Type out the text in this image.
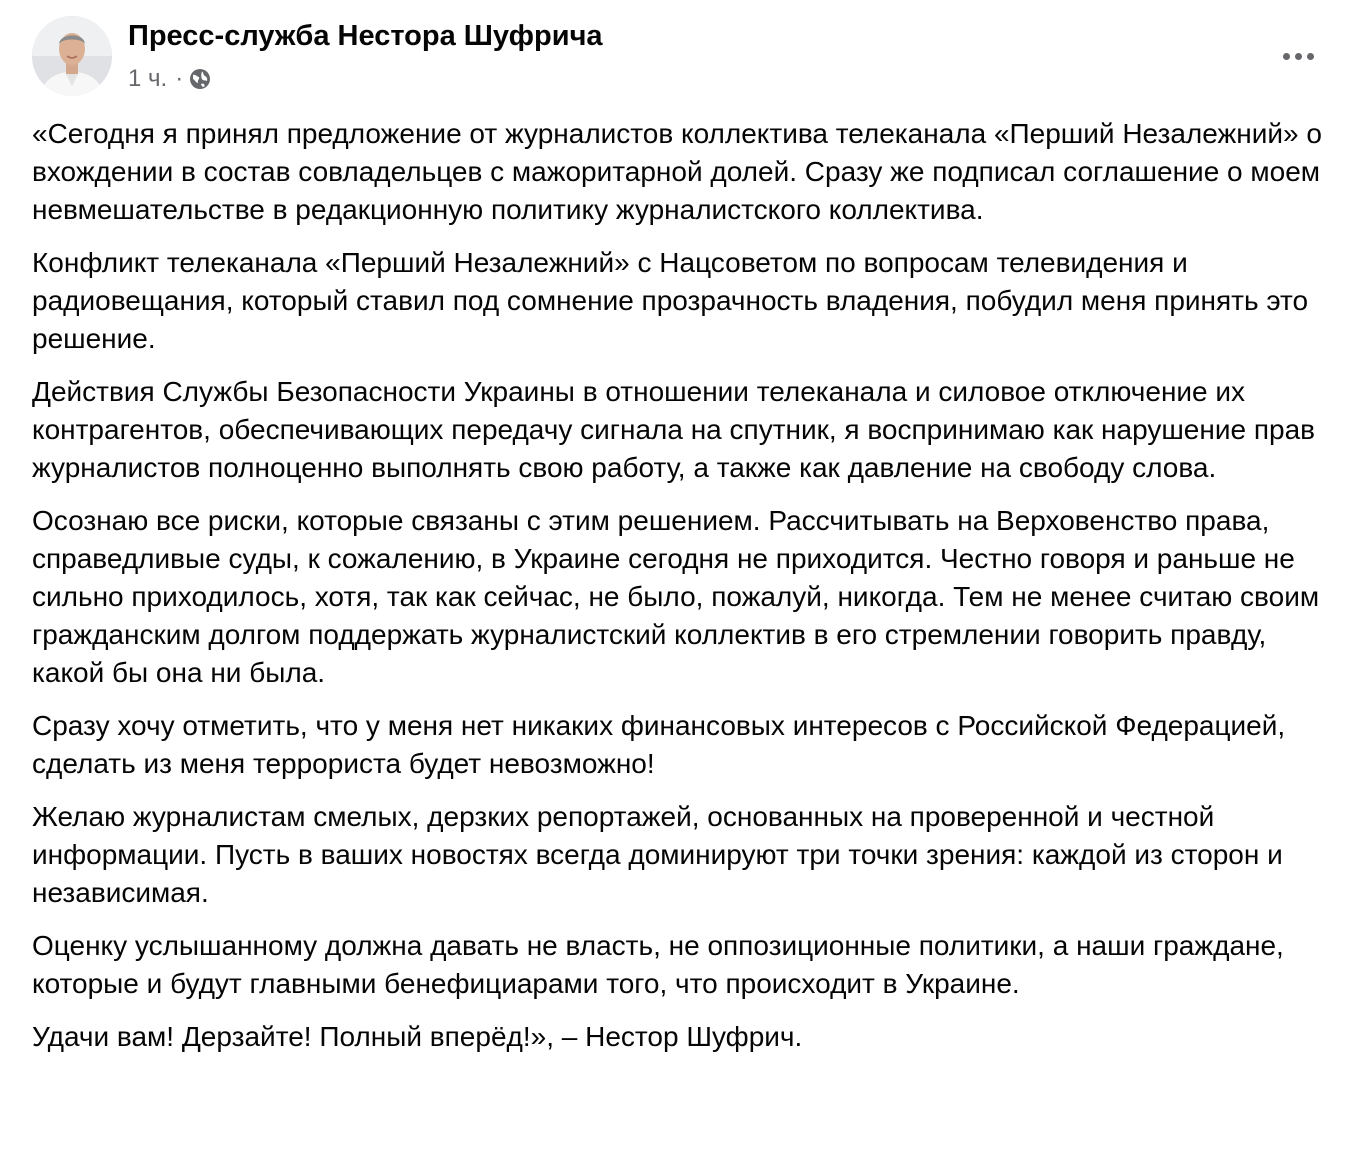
Пресс-служба Нестора Шуфрича
1 ч. ·

«Сегодня я принял предложение от журналистов коллектива телеканала «Перший Незалежний» о вхождении в состав совладельцев с мажоритарной долей. Сразу же подписал соглашение о моем невмешательстве в редакционную политику журналистского коллектива.

Конфликт телеканала «Перший Незалежний» с Нацсоветом по вопросам телевидения и радиовещания, который ставил под сомнение прозрачность владения, побудил меня принять это решение.

Действия Службы Безопасности Украины в отношении телеканала и силовое отключение их контрагентов, обеспечивающих передачу сигнала на спутник, я воспринимаю как нарушение прав журналистов полноценно выполнять свою работу, а также как давление на свободу слова.

Осознаю все риски, которые связаны с этим решением. Рассчитывать на Верховенство права, справедливые суды, к сожалению, в Украине сегодня не приходится. Честно говоря и раньше не сильно приходилось, хотя, так как сейчас, не было, пожалуй, никогда. Тем не менее считаю своим гражданским долгом поддержать журналистский коллектив в его стремлении говорить правду, какой бы она ни была.

Сразу хочу отметить, что у меня нет никаких финансовых интересов с Российской Федерацией, сделать из меня террориста будет невозможно!

Желаю журналистам смелых, дерзких репортажей, основанных на проверенной и честной информации. Пусть в ваших новостях всегда доминируют три точки зрения: каждой из сторон и независимая.

Оценку услышанному должна давать не власть, не оппозиционные политики, а наши граждане, которые и будут главными бенефициарами того, что происходит в Украине.

Удачи вам! Дерзайте! Полный вперёд!», – Нестор Шуфрич.
